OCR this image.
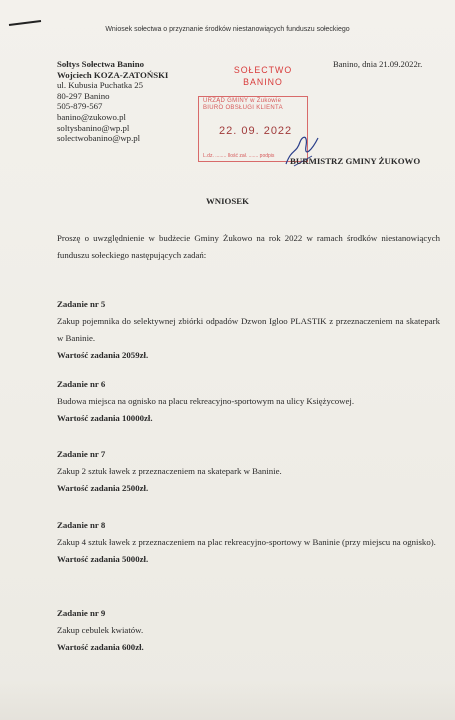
Wniosek sołectwa o przyznanie środków niestanowiących funduszu sołeckiego
Sołtys Sołectwa Banino
Wojciech KOZA-ZATOŃSKI
ul. Kubusia Puchatka 25
80-297 Banino
505-879-567
banino@zukowo.pl
soltysbanino@wp.pl
solectwobanino@wp.pl
Banino, dnia 21.09.2022r.
SOŁECTWO
BANINO
URZĄD GMINY w Żukowie
BIURO OBSŁUGI KLIENTA
22. 09. 2022
L.dz. ........ Ilość zał. ....... podpis BURMISTRZ GMINY ŻUKOWO
WNIOSEK
Proszę o uwzględnienie w budżecie Gminy Żukowo na rok 2022 w ramach środków niestanowiących funduszu sołeckiego następujących zadań:
Zadanie nr 5
Zakup pojemnika do selektywnej zbiórki odpadów Dzwon Igloo PLASTIK z przeznaczeniem na skatepark w Baninie.
Wartość zadania 2059zł.
Zadanie nr 6
Budowa miejsca na ognisko na placu rekreacyjno-sportowym na ulicy Księżycowej.
Wartość zadania 10000zł.
Zadanie nr 7
Zakup 2 sztuk ławek z przeznaczeniem na skatepark w Baninie.
Wartość zadania 2500zł.
Zadanie nr 8
Zakup 4 sztuk ławek z przeznaczeniem na plac rekreacyjno-sportowy w Baninie (przy miejscu na ognisko).
Wartość zadania 5000zł.
Zadanie nr 9
Zakup cebulek kwiatów.
Wartość zadania 600zł.
